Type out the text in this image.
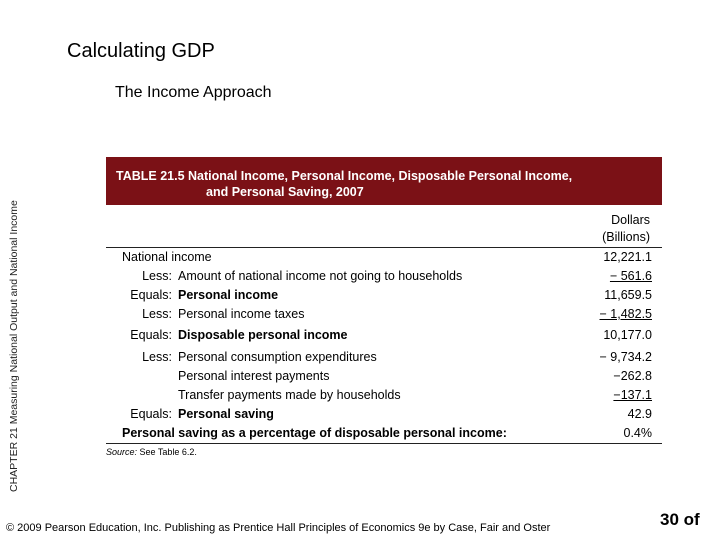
Calculating GDP
The Income Approach
CHAPTER 21 Measuring National Output and National Income
TABLE 21.5 National Income, Personal Income, Disposable Personal Income,
and Personal Saving, 2007
Dollars
(Billions)
National income	12,221.1
Less: Amount of national income not going to households	− 561.6
Equals: Personal income	11,659.5
Less: Personal income taxes	− 1,482.5
Equals: Disposable personal income	10,177.0
Less: Personal consumption expenditures	− 9,734.2
Personal interest payments	−262.8
Transfer payments made by households	−137.1
Equals: Personal saving	42.9
Personal saving as a percentage of disposable personal income:	0.4%
Source: See Table 6.2.
© 2009 Pearson Education, Inc. Publishing as Prentice Hall Principles of Economics 9e by Case, Fair and Oster	30 of
